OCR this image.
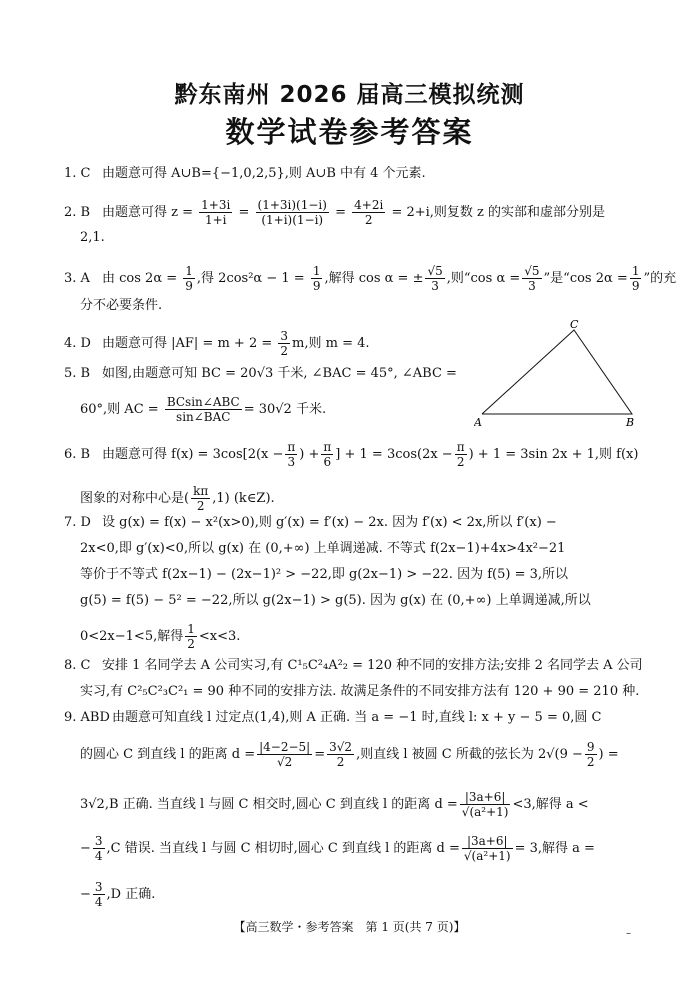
黔东南州 2026 届高三模拟统测
数学试卷参考答案
1. C 由题意可得 A∪B={−1,0,2,5},则 A∪B 中有 4 个元素.
2. B 由题意可得 $z = \frac{1+3i}{1+i} = \frac{(1+3i)(1-i)}{(1+i)(1-i)} = \frac{4+2i}{2} = 2+i$,则复数 z 的实部和虚部分别是
2,1.
3. A 由 $\cos 2\alpha = \frac{1}{9}$ ,得 $2\cos^2\alpha - 1 = \frac{1}{9}$ ,解得 cos α = ± $\frac{√5}{3}$ ,则“cos $\alpha = \frac{√5}{3}$ ”是“cos $2\alpha = \frac{1}{9}$ ”的充
分不必要条件.
4. D 由题意可得 $|AF| = m + 2 = \frac{3}{2} m$,则 m = 4.
A	B
C
5. B 如图,由题意可知 BC = 20√3 千米, ∠BAC = 45°, ∠ABC =
60°,则 AC = $\frac{\text{BCsin∠ABC}}{\text{sin∠BAC}} = 30√2$ 千米.
6. B 由题意可得 $f(x) = 3\cos[2(x - \frac{\pi}{3}$ ) + $\frac{\pi}{6}$ ] + $1 = 3\cos(2x - \frac{\pi}{2}$ ) + 1 = 3sin 2x + 1,则 f(x)
图象的对称中心是( $\frac{k\pi}{2} ,1$) (k∈Z).
7. D 设 g(x) = f(x) − x²(x>0),则 g′(x) = f′(x) − 2x. 因为 f′(x) < 2x,所以 f′(x) −
2x<0,即 g′(x)<0,所以 g(x) 在 (0,+∞) 上单调递减. 不等式 f(2x−1)+4x>4x²−21
等价于不等式 f(2x−1) − (2x−1)² > −22,即 g(2x−1) > −22. 因为 f(5) = 3,所以
g(5) = f(5) − 5² = −22,所以 g(2x−1) > g(5). 因为 g(x) 在 (0,+∞) 上单调递减,所以
0<2x−1<5,解得 $\frac{1}{2} <x<3$.
8. C 安排 1 名同学去 A 公司实习,有 C¹₅C²₄A²₂ = 120 种不同的安排方法;安排 2 名同学去 A 公司
实习,有 C²₅C²₃C²₁ = 90 种不同的安排方法. 故满足条件的不同安排方法有 120 + 90 = 210 种.
9. ABD 由题意可知直线 l 过定点(1,4),则 A 正确. 当 a = −1 时,直线 l: x + y − 5 = 0,圆 C
的圆心 C 到直线 l 的距离 $d = \frac{|4-2-5|}{√2} = \frac{3√2}{2}$ ,则直线 l 被圆 C 所截的弦长为 $2√(9 - \frac{9}{2}$ ) =
3√2,B 正确. 当直线 l 与圆 C 相交时,圆心 C 到直线 l 的距离 $d = \frac{|3a+6|}{\text{√(a²+1)}} <3$,解得 a <
− $\frac{3}{4} ,C$ 错误. 当直线 l 与圆 C 相切时,圆心 C 到直线 l 的距离 $d = \frac{|3a+6|}{\text{√(a²+1)}} = 3$,解得 a =
− $\frac{3}{4} ,D$ 正确.
【高三数学・参考答案　第 1 页(共 7 页)】	–
